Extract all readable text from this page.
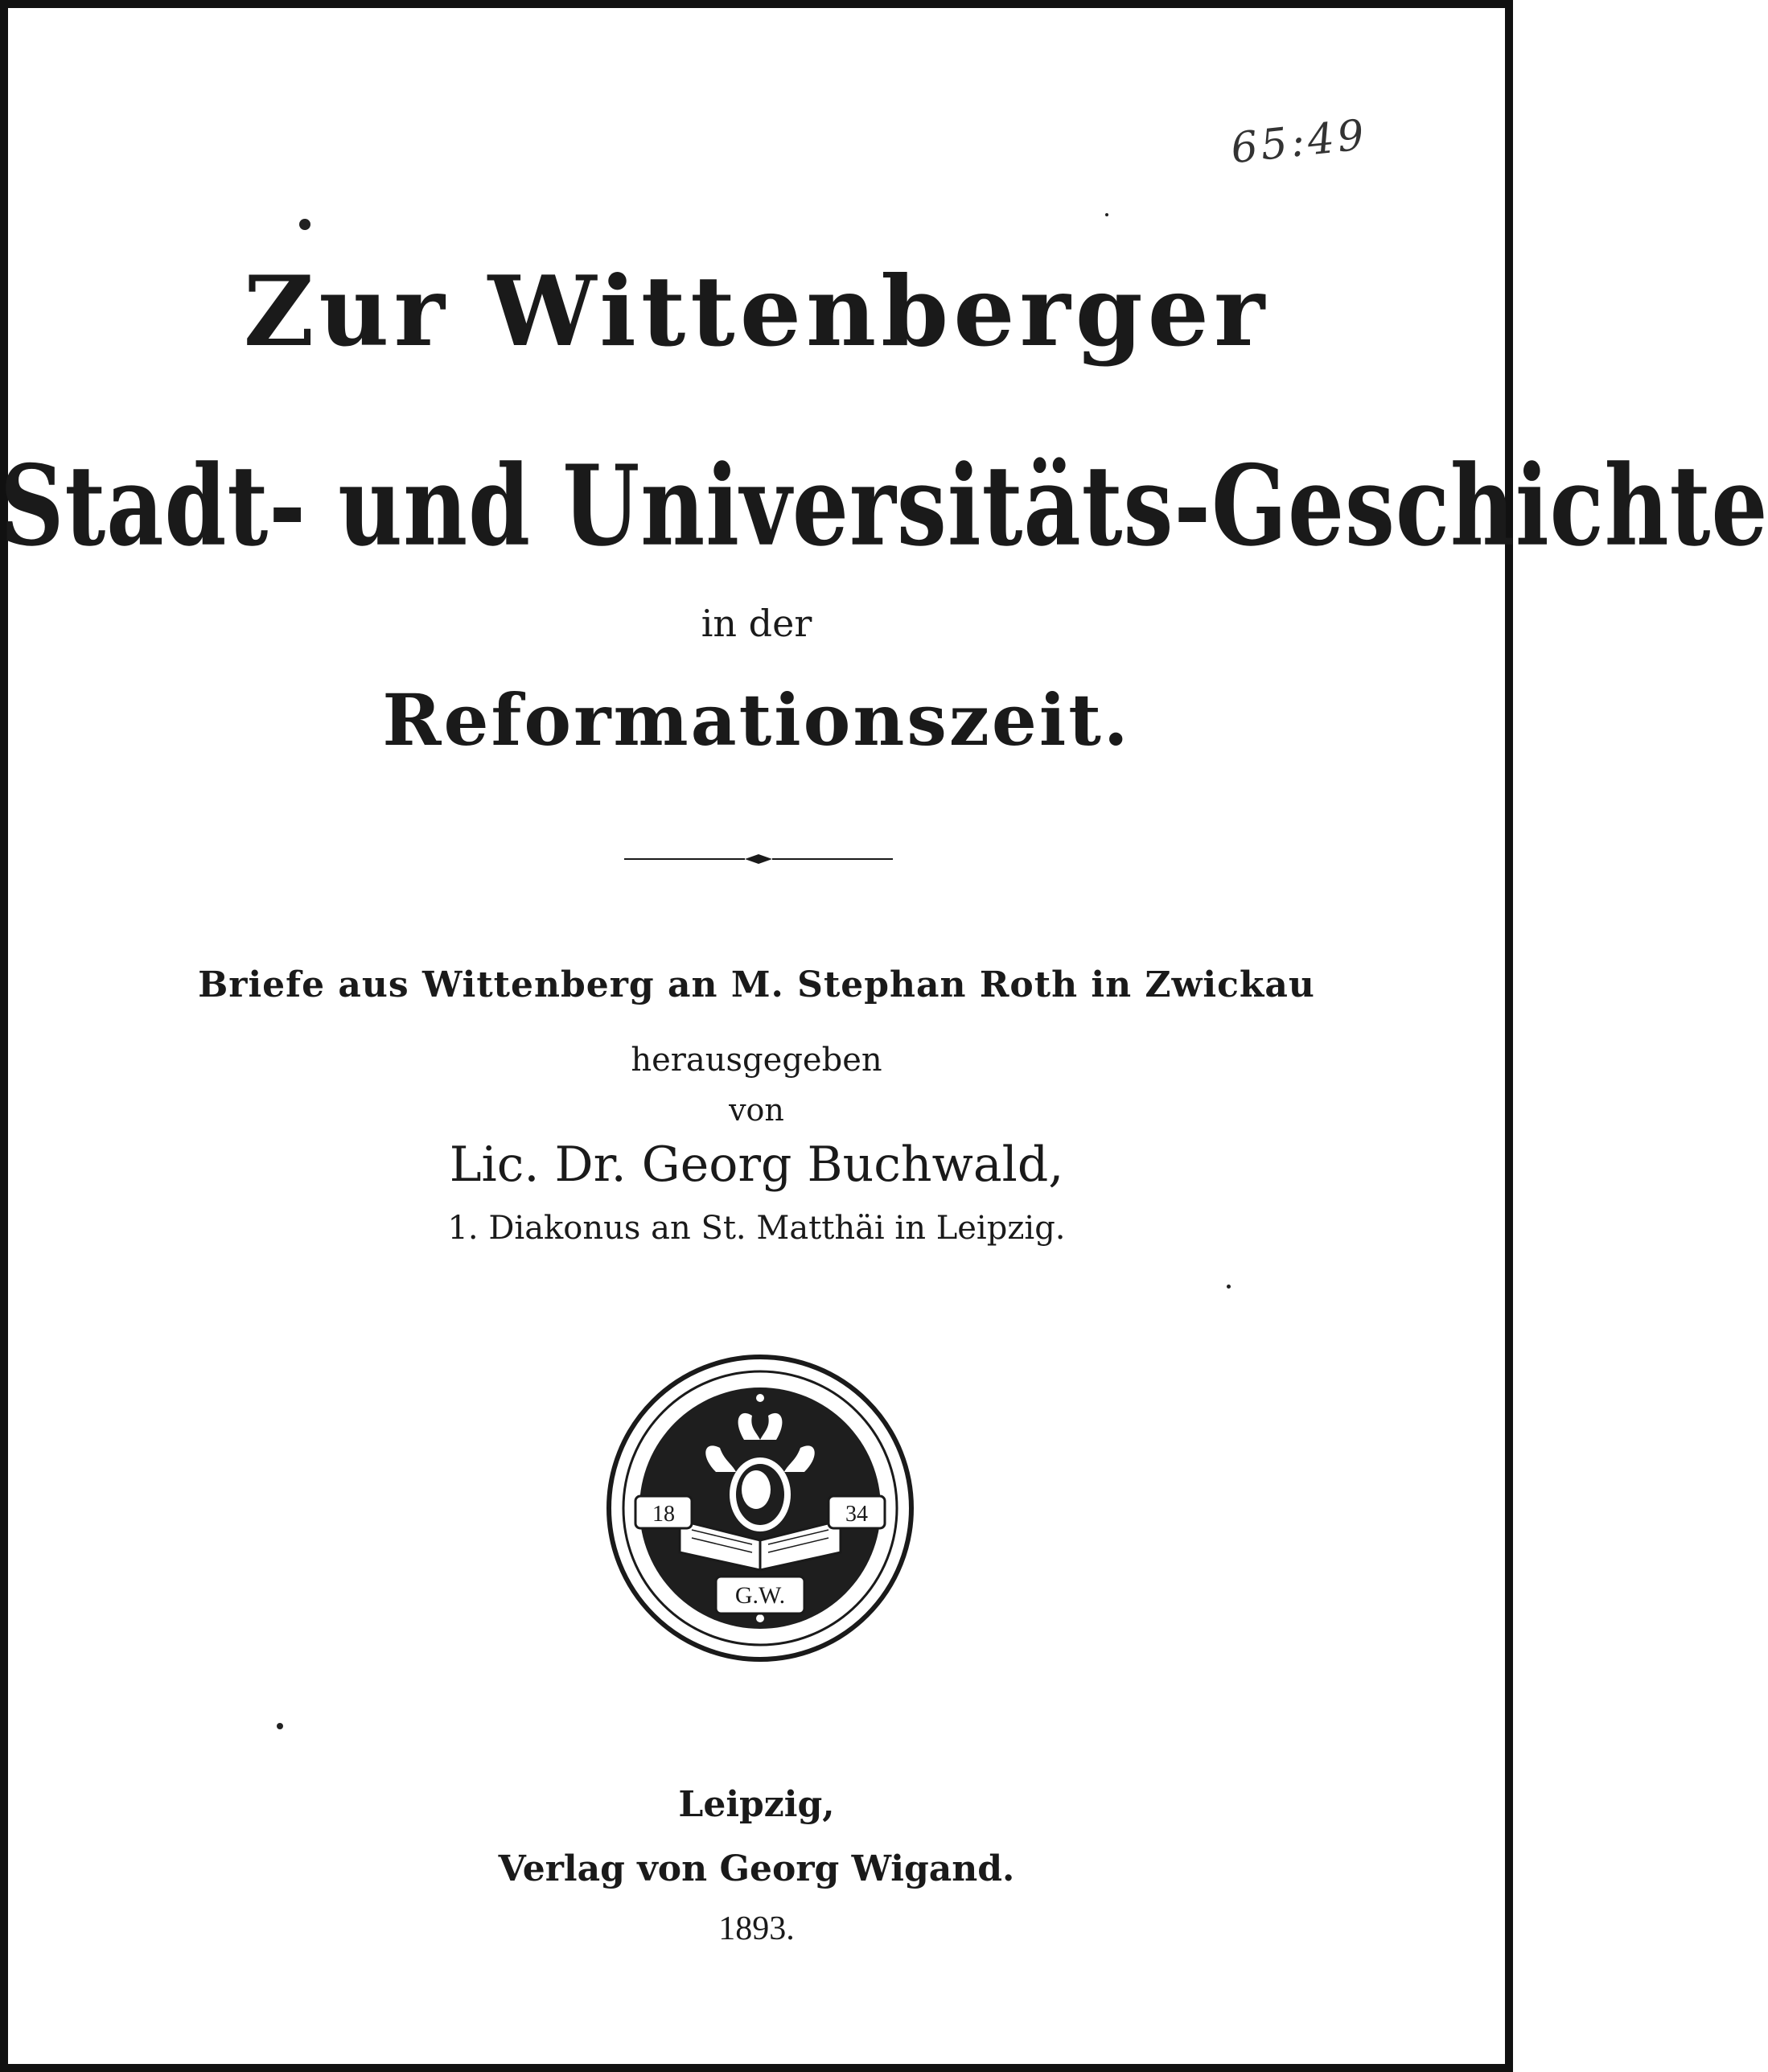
65:49
Zur Wittenberger
Stadt- und Universitäts-Geschichte
in der
Reformationszeit.
Briefe aus Wittenberg an M. Stephan Roth in Zwickau
herausgegeben
von
Lic. Dr. Georg Buchwald,
1. Diakonus an St. Matthäi in Leipzig.
18	34
G.W.
Leipzig,
Verlag von Georg Wigand.
1893.
